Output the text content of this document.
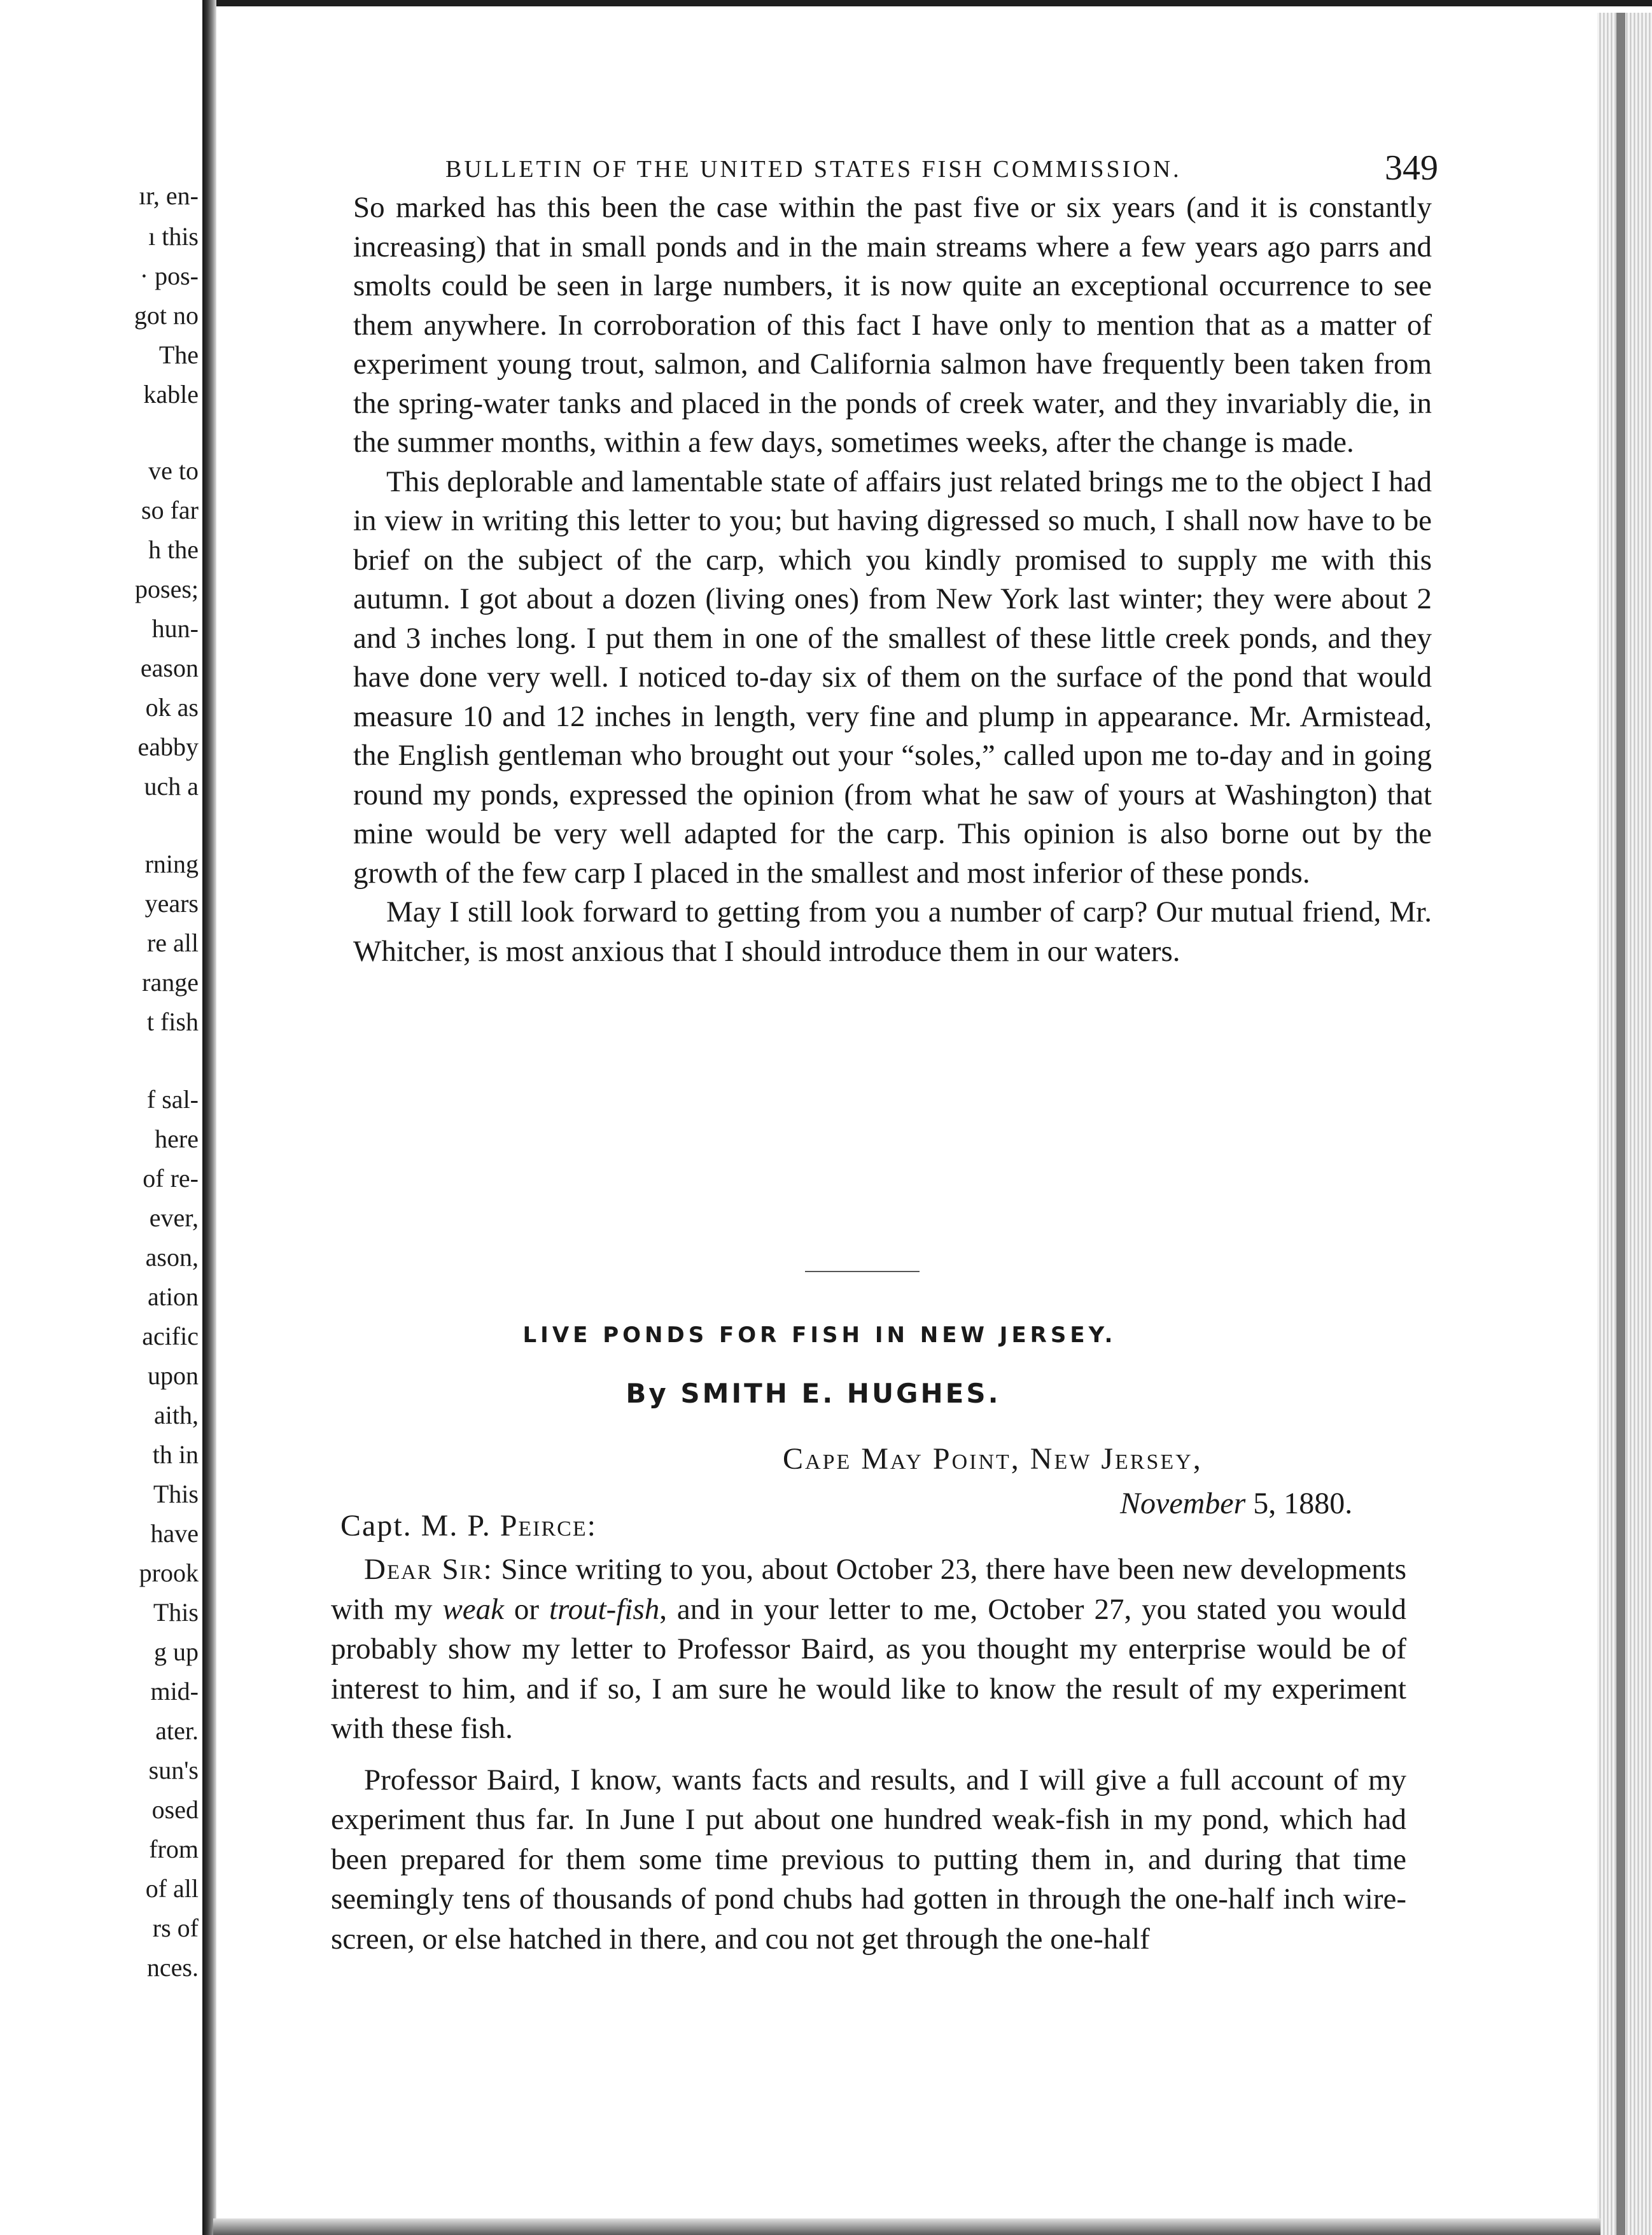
ır, en-
ı this
· pos-
got no
The
kable
ve to
so far
h the
poses;
hun-
eason
ok as
eabby
uch a
rning
years
re all
range
t fish
f sal-
here
of re-
ever,
ason,
ation
acific
upon
aith,
th in
This
have
prook
This
g up
mid-
ater.
sun's
osed
from
of all
rs of
nces.
BULLETIN OF THE UNITED STATES FISH COMMISSION.	349

So marked has this been the case within the past five or six years (and it is constantly increasing) that in small ponds and in the main streams where a few years ago parrs and smolts could be seen in large numbers, it is now quite an exceptional occurrence to see them anywhere. In corroboration of this fact I have only to mention that as a matter of experiment young trout, salmon, and California salmon have frequently been taken from the spring-water tanks and placed in the ponds of creek water, and they invariably die, in the summer months, within a few days, sometimes weeks, after the change is made.

This deplorable and lamentable state of affairs just related brings me to the object I had in view in writing this letter to you; but having digressed so much, I shall now have to be brief on the subject of the carp, which you kindly promised to supply me with this autumn. I got about a dozen (living ones) from New York last winter; they were about 2 and 3 inches long. I put them in one of the smallest of these little creek ponds, and they have done very well. I noticed to-day six of them on the surface of the pond that would measure 10 and 12 inches in length, very fine and plump in appearance. Mr. Armistead, the English gentleman who brought out your “soles,” called upon me to-day and in going round my ponds, expressed the opinion (from what he saw of yours at Washington) that mine would be very well adapted for the carp. This opinion is also borne out by the growth of the few carp I placed in the smallest and most inferior of these ponds.

May I still look forward to getting from you a number of carp? Our mutual friend, Mr. Whitcher, is most anxious that I should introduce them in our waters.

LIVE PONDS FOR FISH IN NEW JERSEY.
By SMITH E. HUGHES.
Cape May Point, New Jersey,
November 5, 1880.
Capt. M. P. Peirce:

Dear Sir: Since writing to you, about October 23, there have been new developments with my weak or trout-fish, and in your letter to me, October 27, you stated you would probably show my letter to Professor Baird, as you thought my enterprise would be of interest to him, and if so, I am sure he would like to know the result of my experiment with these fish.

Professor Baird, I know, wants facts and results, and I will give a full account of my experiment thus far. In June I put about one hundred weak-fish in my pond, which had been prepared for them some time previous to putting them in, and during that time seemingly tens of thousands of pond chubs had gotten in through the one-half inch wire-screen, or else hatched in there, and cou not get through the one-half
